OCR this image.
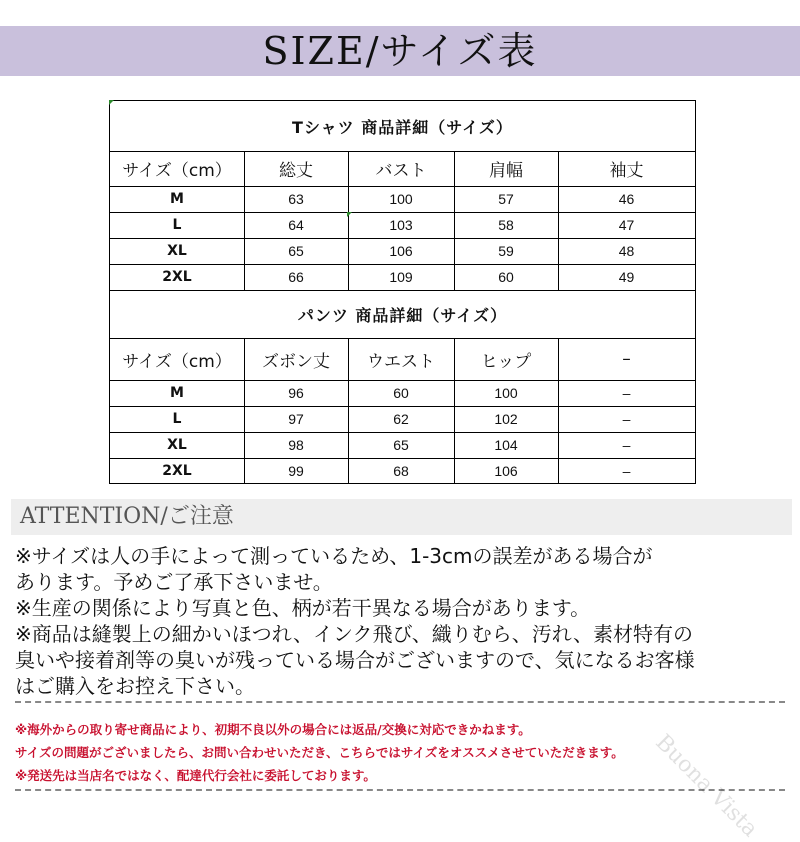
SIZE/サイズ表
Tシャツ 商品詳細（サイズ）
サイズ（cm）	総丈	バスト	肩幅	袖丈
M	63	100	57	46
L	64	103	58	47
XL	65	106	59	48
2XL	66	109	60	49
パンツ 商品詳細（サイズ）
サイズ（cm）	ズボン丈	ウエスト	ヒップ	–
M	96	60	100	–
L	97	62	102	–
XL	98	65	104	–
2XL	99	68	106	–
ATTENTION/ご注意
※サイズは人の手によって測っているため、1-3cmの誤差がある場合が
あります。予めご了承下さいませ。
※生産の関係により写真と色、柄が若干異なる場合があります。
※商品は縫製上の細かいほつれ、インク飛び、織りむら、汚れ、素材特有の
臭いや接着剤等の臭いが残っている場合がございますので、気になるお客様
はご購入をお控え下さい。
※海外からの取り寄せ商品により、初期不良以外の場合には返品/交換に対応できかねます。
サイズの問題がございましたら、お問い合わせいただき、こちらではサイズをオススメさせていただきます。
※発送先は当店名ではなく、配達代行会社に委託しております。	Buona Vista
